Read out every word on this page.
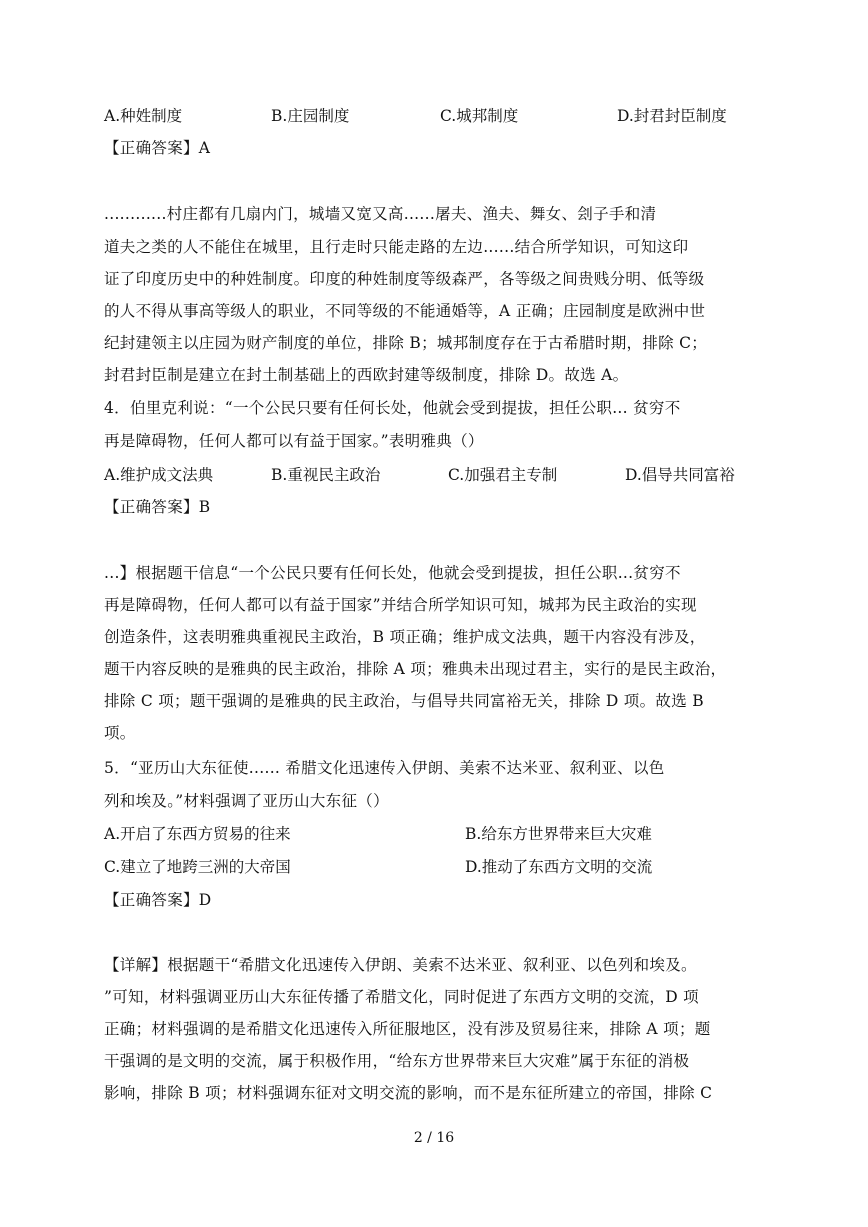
A.种姓制度	B.庄园制度	C.城邦制度	D.封君封臣制度
【正确答案】A
............村庄都有几扇内门，城墙又宽又高......屠夫、渔夫、舞女、刽子手和清
道夫之类的人不能住在城里，且行走时只能走路的左边......结合所学知识，可知这印
证了印度历史中的种姓制度。印度的种姓制度等级森严，各等级之间贵贱分明、低等级
的人不得从事高等级人的职业，不同等级的不能通婚等，A 正确；庄园制度是欧洲中世
纪封建领主以庄园为财产制度的单位，排除 B；城邦制度存在于古希腊时期，排除 C；
封君封臣制是建立在封土制基础上的西欧封建等级制度，排除 D。故选 A。
4．伯里克利说：“一个公民只要有任何长处，他就会受到提拔，担任公职... 贫穷不
再是障碍物，任何人都可以有益于国家。”表明雅典（）
A.维护成文法典	B.重视民主政治	C.加强君主专制	D.倡导共同富裕
【正确答案】B
...】根据题干信息“一个公民只要有任何长处，他就会受到提拔，担任公职...贫穷不
再是障碍物，任何人都可以有益于国家”并结合所学知识可知，城邦为民主政治的实现
创造条件，这表明雅典重视民主政治，B 项正确；维护成文法典，题干内容没有涉及，
题干内容反映的是雅典的民主政治，排除 A 项；雅典未出现过君主，实行的是民主政治，
排除 C 项；题干强调的是雅典的民主政治，与倡导共同富裕无关，排除 D 项。故选 B
项。
5．“亚历山大东征使...... 希腊文化迅速传入伊朗、美索不达米亚、叙利亚、以色
列和埃及。”材料强调了亚历山大东征（）
A.开启了东西方贸易的往来	B.给东方世界带来巨大灾难
C.建立了地跨三洲的大帝国	D.推动了东西方文明的交流
【正确答案】D
【详解】根据题干“希腊文化迅速传入伊朗、美索不达米亚、叙利亚、以色列和埃及。
”可知，材料强调亚历山大东征传播了希腊文化，同时促进了东西方文明的交流，D 项
正确；材料强调的是希腊文化迅速传入所征服地区，没有涉及贸易往来，排除 A 项；题
干强调的是文明的交流，属于积极作用，“给东方世界带来巨大灾难”属于东征的消极
影响，排除 B 项；材料强调东征对文明交流的影响，而不是东征所建立的帝国，排除 C
2 / 16
